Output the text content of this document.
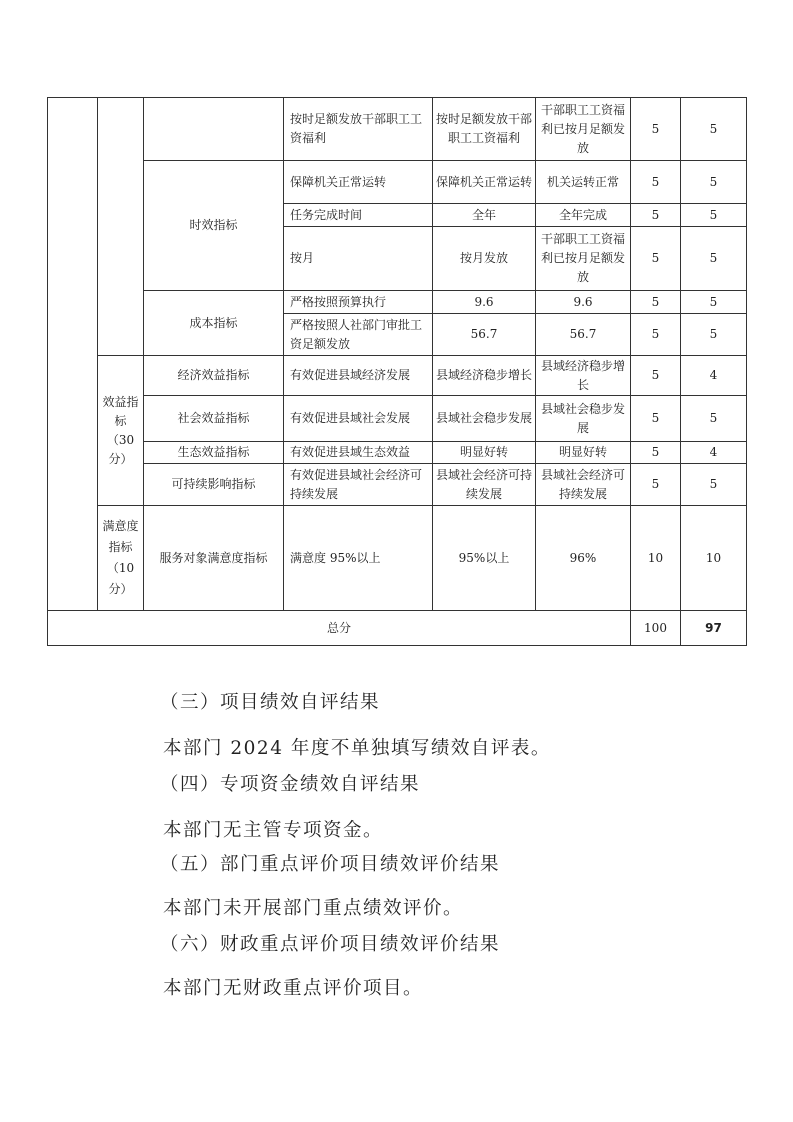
			按时足额发放干部职工工资福利	按时足额发放干部职工工资福利	干部职工工资福利已按月足额发放	5	5
		时效指标	保障机关正常运转	保障机关正常运转	机关运转正常	5	5
			任务完成时间	全年	全年完成	5	5
			按月	按月发放	干部职工工资福利已按月足额发放	5	5
		成本指标	严格按照预算执行	9.6	9.6	5	5
			严格按照人社部门审批工资足额发放	56.7	56.7	5	5
	效益指标（30分）	经济效益指标	有效促进县域经济发展	县域经济稳步增长	县域经济稳步增长	5	4
		社会效益指标	有效促进县域社会发展	县域社会稳步发展	县域社会稳步发展	5	5
		生态效益指标	有效促进县域生态效益	明显好转	明显好转	5	4
		可持续影响指标	有效促进县域社会经济可持续发展	县域社会经济可持续发展	县域社会经济可持续发展	5	5
	满意度指标（10分）	服务对象满意度指标	满意度 95%以上	95%以上	96%	10	10
总分						100	97
（三）项目绩效自评结果
本部门 2024 年度不单独填写绩效自评表。
（四）专项资金绩效自评结果
本部门无主管专项资金。
（五）部门重点评价项目绩效评价结果
本部门未开展部门重点绩效评价。
（六）财政重点评价项目绩效评价结果
本部门无财政重点评价项目。
